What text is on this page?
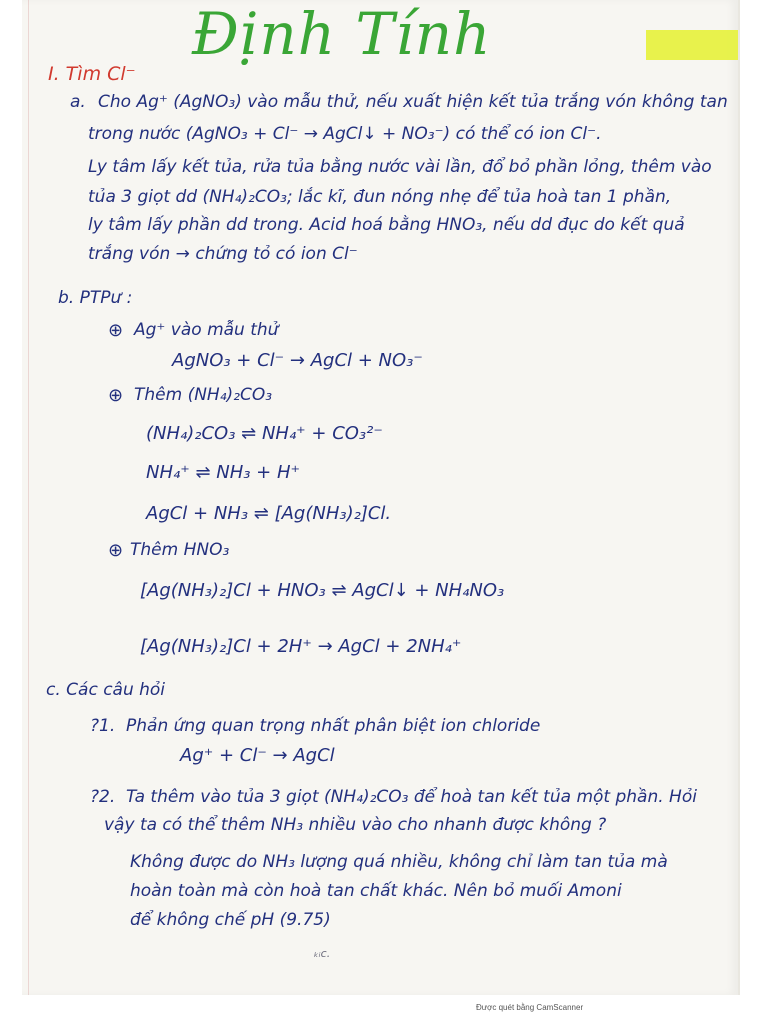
Định Tính
I. Tìm Cl⁻
a. Cho Ag⁺ (AgNO₃) vào mẫu thử, nếu xuất hiện kết tủa trắng vón không tan
trong nước (AgNO₃ + Cl⁻ → AgCl↓ + NO₃⁻) có thể có ion Cl⁻.
Ly tâm lấy kết tủa, rửa tủa bằng nước vài lần, đổ bỏ phần lỏng, thêm vào
tủa 3 giọt dd (NH₄)₂CO₃; lắc kĩ, đun nóng nhẹ để tủa hoà tan 1 phần,
ly tâm lấy phần dd trong. Acid hoá bằng HNO₃, nếu dd đục do kết quả
trắng vón → chứng tỏ có ion Cl⁻
b. PTPư :
⊕ Ag⁺ vào mẫu thử
AgNO₃ + Cl⁻ → AgCl + NO₃⁻
⊕ Thêm (NH₄)₂CO₃
(NH₄)₂CO₃ ⇌ NH₄⁺ + CO₃²⁻
NH₄⁺ ⇌ NH₃ + H⁺
AgCl + NH₃ ⇌ [Ag(NH₃)₂]Cl.
⊕ Thêm HNO₃
[Ag(NH₃)₂]Cl + HNO₃ ⇌ AgCl↓ + NH₄NO₃
[Ag(NH₃)₂]Cl + 2H⁺ → AgCl + 2NH₄⁺
c. Các câu hỏi
?1. Phản ứng quan trọng nhất phân biệt ion chloride
Ag⁺ + Cl⁻ → AgCl
?2. Ta thêm vào tủa 3 giọt (NH₄)₂CO₃ để hoà tan kết tủa một phần. Hỏi
vậy ta có thể thêm NH₃ nhiều vào cho nhanh được không ?
Không được do NH₃ lượng quá nhiều, không chỉ làm tan tủa mà
hoàn toàn mà còn hoà tan chất khác. Nên bỏ muối Amoni
để không chế pH (9.75)
ₖᵢc.
Được quét bằng CamScanner
